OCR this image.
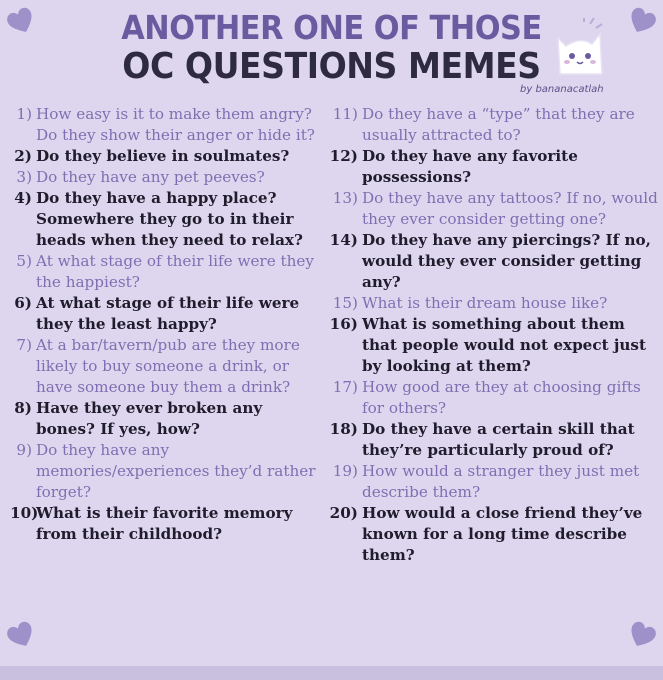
ANOTHER ONE OF THOSE
OC QUESTIONS MEMES
by bananacatlah
1) How easy is it to make them angry? Do they show their anger or hide it?
2) Do they believe in soulmates?
3) Do they have any pet peeves?
4) Do they have a happy place? Somewhere they go to in their heads when they need to relax?
5) At what stage of their life were they the happiest?
6) At what stage of their life were they the least happy?
7) At a bar/tavern/pub are they more likely to buy someone a drink, or have someone buy them a drink?
8) Have they ever broken any bones? If yes, how?
9) Do they have any memories/experiences they’d rather forget?
10)
What is their favorite memory from their childhood?
11) Do they have a “type” that they are usually attracted to?
12) Do they have any favorite possessions?
13) Do they have any tattoos? If no, would they ever consider getting one?
14) Do they have any piercings? If no, would they ever consider getting any?
15) What is their dream house like?
16) What is something about them that people would not expect just by looking at them?
17) How good are they at choosing gifts for others?
18) Do they have a certain skill that they’re particularly proud of?
19) How would a stranger they just met describe them?
20) How would a close friend they’ve known for a long time describe them?
